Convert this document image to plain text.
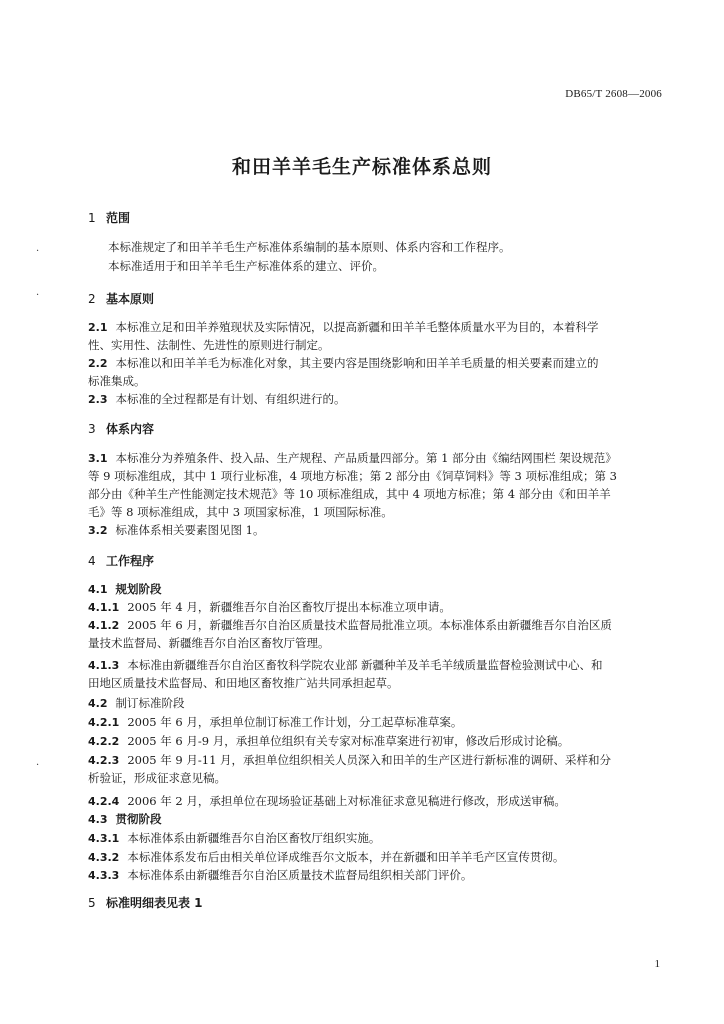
DB65/T 2608—2006
和田羊羊毛生产标准体系总则
·
·
·
1 范围
本标准规定了和田羊羊毛生产标准体系编制的基本原则、体系内容和工作程序。
本标准适用于和田羊羊毛生产标准体系的建立、评价。
2 基本原则
2.1 本标准立足和田羊养殖现状及实际情况，以提高新疆和田羊羊毛整体质量水平为目的，本着科学
性、实用性、法制性、先进性的原则进行制定。
2.2 本标准以和田羊羊毛为标准化对象，其主要内容是围绕影响和田羊羊毛质量的相关要素而建立的
标准集成。
2.3 本标准的全过程都是有计划、有组织进行的。
3 体系内容
3.1 本标准分为养殖条件、投入品、生产规程、产品质量四部分。第 1 部分由《编结网围栏 架设规范》
等 9 项标准组成，其中 1 项行业标准，4 项地方标准；第 2 部分由《饲草饲料》等 3 项标准组成；第 3
部分由《种羊生产性能测定技术规范》等 10 项标准组成，其中 4 项地方标准；第 4 部分由《和田羊羊
毛》等 8 项标准组成，其中 3 项国家标准，1 项国际标准。
3.2 标准体系相关要素图见图 1。
4 工作程序
4.1 规划阶段
4.1.1 2005 年 4 月，新疆维吾尔自治区畜牧厅提出本标准立项申请。
4.1.2 2005 年 6 月，新疆维吾尔自治区质量技术监督局批准立项。本标准体系由新疆维吾尔自治区质
量技术监督局、新疆维吾尔自治区畜牧厅管理。
4.1.3 本标准由新疆维吾尔自治区畜牧科学院农业部 新疆种羊及羊毛羊绒质量监督检验测试中心、和
田地区质量技术监督局、和田地区畜牧推广站共同承担起草。
4.2 制订标准阶段
4.2.1 2005 年 6 月，承担单位制订标准工作计划，分工起草标准草案。
4.2.2 2005 年 6 月-9 月，承担单位组织有关专家对标准草案进行初审，修改后形成讨论稿。
4.2.3 2005 年 9 月-11 月，承担单位组织相关人员深入和田羊的生产区进行新标准的调研、采样和分
析验证，形成征求意见稿。
4.2.4 2006 年 2 月，承担单位在现场验证基础上对标准征求意见稿进行修改，形成送审稿。
4.3 贯彻阶段
4.3.1 本标准体系由新疆维吾尔自治区畜牧厅组织实施。
4.3.2 本标准体系发布后由相关单位译成维吾尔文版本，并在新疆和田羊羊毛产区宣传贯彻。
4.3.3 本标准体系由新疆维吾尔自治区质量技术监督局组织相关部门评价。
5 标准明细表见表 1
1
